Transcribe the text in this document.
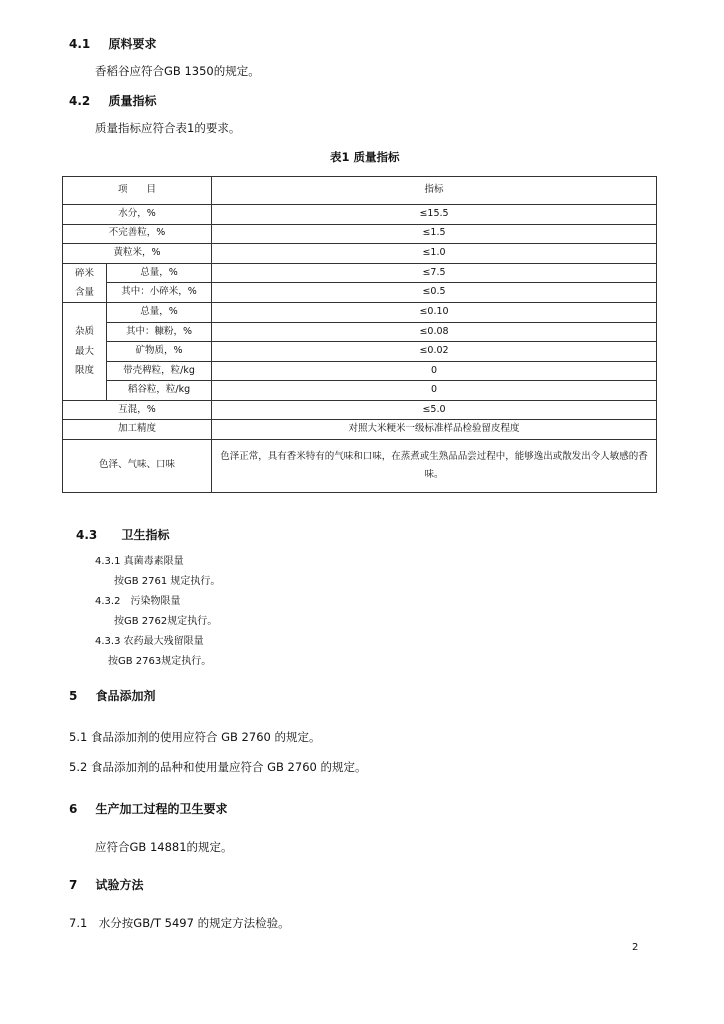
4.1 原料要求
香稻谷应符合GB 1350的规定。
4.2 质量指标
质量指标应符合表1的要求。
表1 质量指标
项　　目		指标
水分，%		≤15.5
不完善粒，%		≤1.5
黄粒米，%		≤1.0
碎米
含量	总量，%	≤7.5
	其中：小碎米，%	≤0.5
杂质
最大
限度	总量，%	≤0.10
	其中：糠粉，%	≤0.08
	矿物质，%	≤0.02
	带壳稗粒，粒/kg	0
	稻谷粒，粒/kg	0
互混，%		≤5.0
加工精度		对照大米粳米一级标准样品检验留皮程度
色泽、气味、口味		色泽正常，具有香米特有的气味和口味，在蒸煮或生熟品品尝过程中，能够逸出或散发出令人敏感的香味。
4.3 卫生指标
4.3.1 真菌毒素限量
按GB 2761 规定执行。
4.3.2　污染物限量
按GB 2762规定执行。
4.3.3 农药最大残留限量
按GB 2763规定执行。
5 食品添加剂
5.1 食品添加剂的使用应符合 GB 2760 的规定。
5.2 食品添加剂的品种和使用量应符合 GB 2760 的规定。
6 生产加工过程的卫生要求
应符合GB 14881的规定。
7 试验方法
7.1　水分按GB/T 5497 的规定方法检验。
2
